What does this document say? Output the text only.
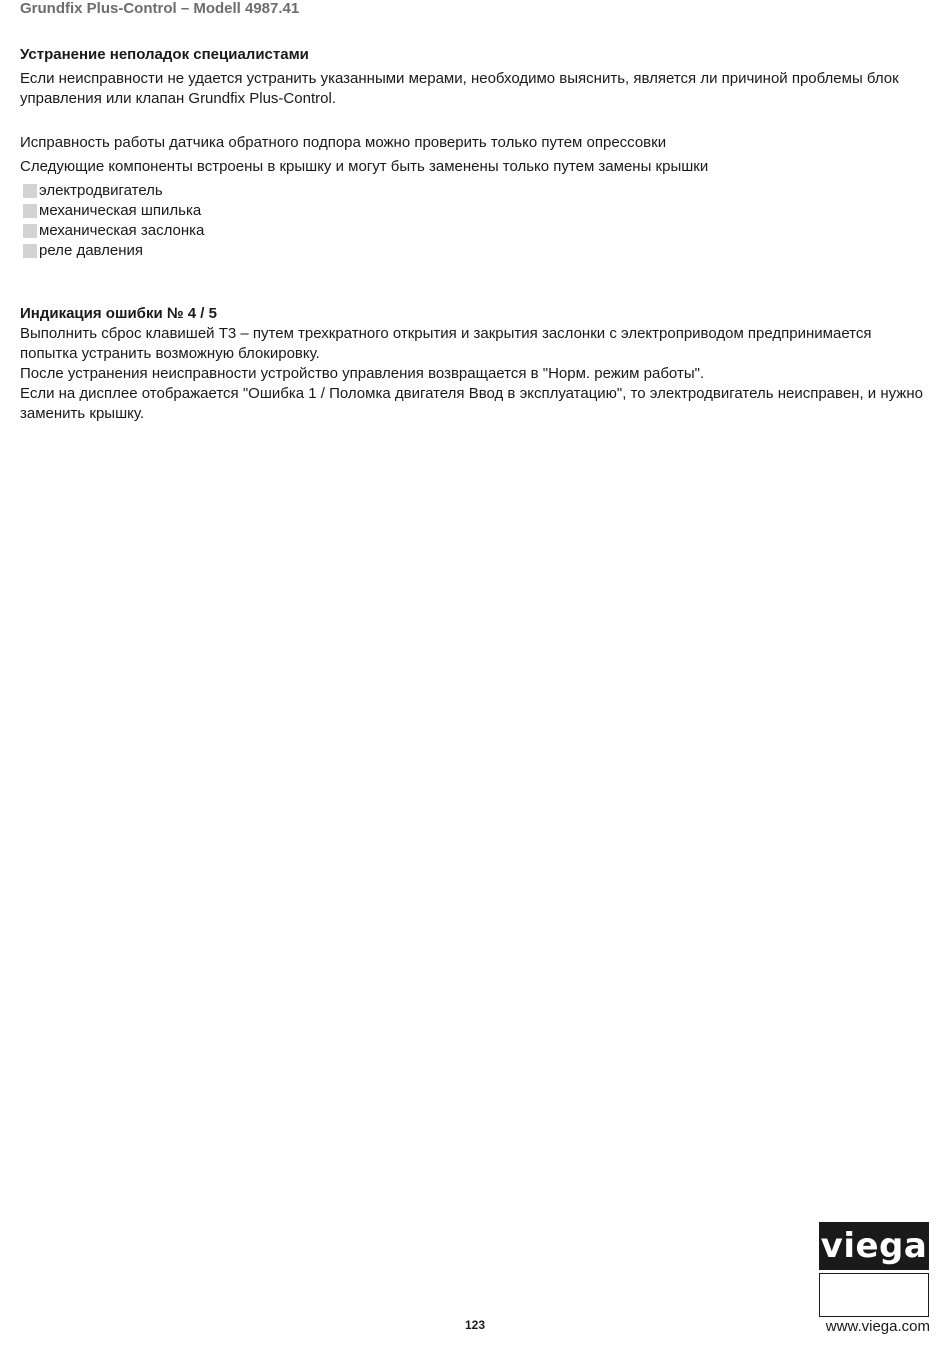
Grundfix Plus-Control – Modell 4987.41
Устранение неполадок специалистами

Если неисправности не удается устранить указанными мерами, необходимо выяснить, является ли причиной проблемы блок управления или клапан Grundfix Plus-Control.

Исправность работы датчика обратного подпора можно проверить только путем опрессовки

Следующие компоненты встроены в крышку и могут быть заменены только путем замены крышки

электродвигатель
механическая шпилька
механическая заслонка
реле давления
Индикация ошибки № 4 / 5

Выполнить сброс клавишей T3 – путем трехкратного открытия и закрытия заслонки с электроприводом предпринимается попытка устранить возможную блокировку.

После устранения неисправности устройство управления возвращается в "Норм. режим работы".

Если на дисплее отображается "Ошибка 1 / Поломка двигателя Ввод в эксплуатацию", то электродвигатель неисправен, и нужно заменить крышку.

123
viega
www.viega.com
